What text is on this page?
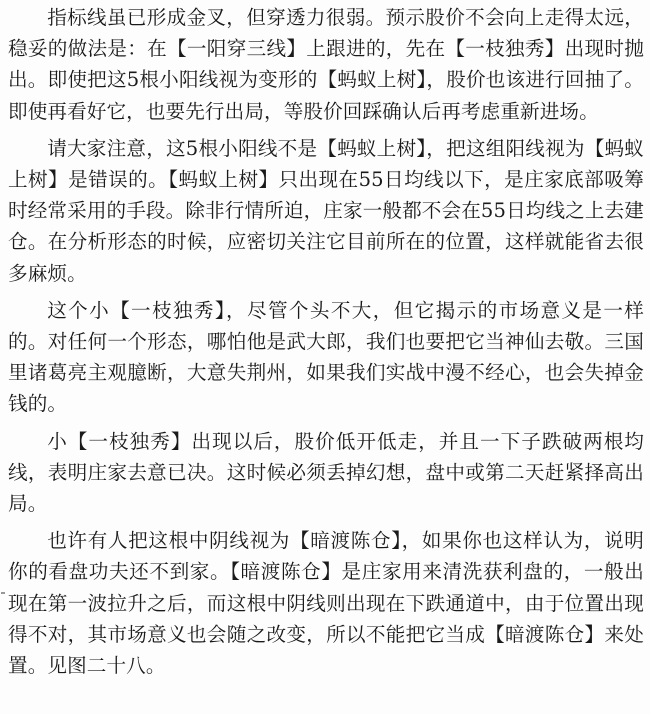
指标线虽已形成金叉，但穿透力很弱。预示股价不会向上走得太远，稳妥的做法是：在【一阳穿三线】上跟进的，先在【一枝独秀】出现时抛出。即使把这5根小阳线视为变形的【蚂蚁上树】，股价也该进行回抽了。即使再看好它，也要先行出局，等股价回踩确认后再考虑重新进场。

请大家注意，这5根小阳线不是【蚂蚁上树】，把这组阳线视为【蚂蚁上树】是错误的。【蚂蚁上树】只出现在55日均线以下，是庄家底部吸筹时经常采用的手段。除非行情所迫，庄家一般都不会在55日均线之上去建仓。在分析形态的时候，应密切关注它目前所在的位置，这样就能省去很多麻烦。

这个小【一枝独秀】，尽管个头不大，但它揭示的市场意义是一样的。对任何一个形态，哪怕他是武大郎，我们也要把它当神仙去敬。三国里诸葛亮主观臆断，大意失荆州，如果我们实战中漫不经心，也会失掉金钱的。

小【一枝独秀】出现以后，股价低开低走，并且一下子跌破两根均线，表明庄家去意已决。这时候必须丢掉幻想，盘中或第二天赶紧择高出局。

也许有人把这根中阴线视为【暗渡陈仓】，如果你也这样认为，说明你的看盘功夫还不到家。【暗渡陈仓】是庄家用来清洗获利盘的，一般出现在第一波拉升之后，而这根中阴线则出现在下跌通道中，由于位置出现得不对，其市场意义也会随之改变，所以不能把它当成【暗渡陈仓】来处置。见图二十八。
